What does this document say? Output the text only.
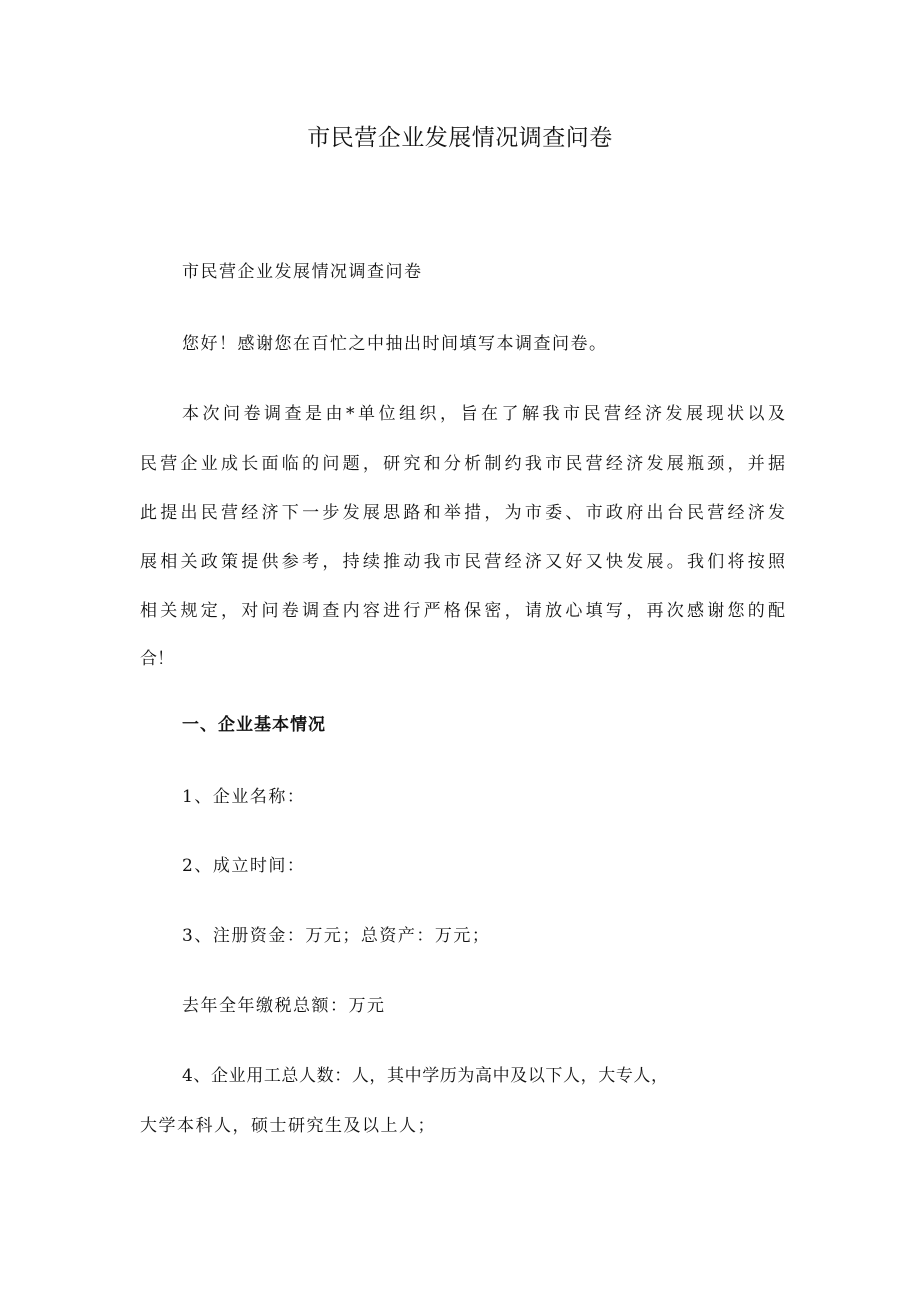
市民营企业发展情况调查问卷

市民营企业发展情况调查问卷

您好！感谢您在百忙之中抽出时间填写本调查问卷。

本次问卷调查是由*单位组织，旨在了解我市民营经济发展现状以及

民营企业成长面临的问题，研究和分析制约我市民营经济发展瓶颈，并据

此提出民营经济下一步发展思路和举措，为市委、市政府出台民营经济发

展相关政策提供参考，持续推动我市民营经济又好又快发展。我们将按照

相关规定，对问卷调查内容进行严格保密，请放心填写，再次感谢您的配

合！

一、企业基本情况

1、企业名称：

2、成立时间：

3、注册资金：万元；总资产：万元；

去年全年缴税总额：万元

4、企业用工总人数：人，其中学历为高中及以下人，大专人，

大学本科人，硕士研究生及以上人；
